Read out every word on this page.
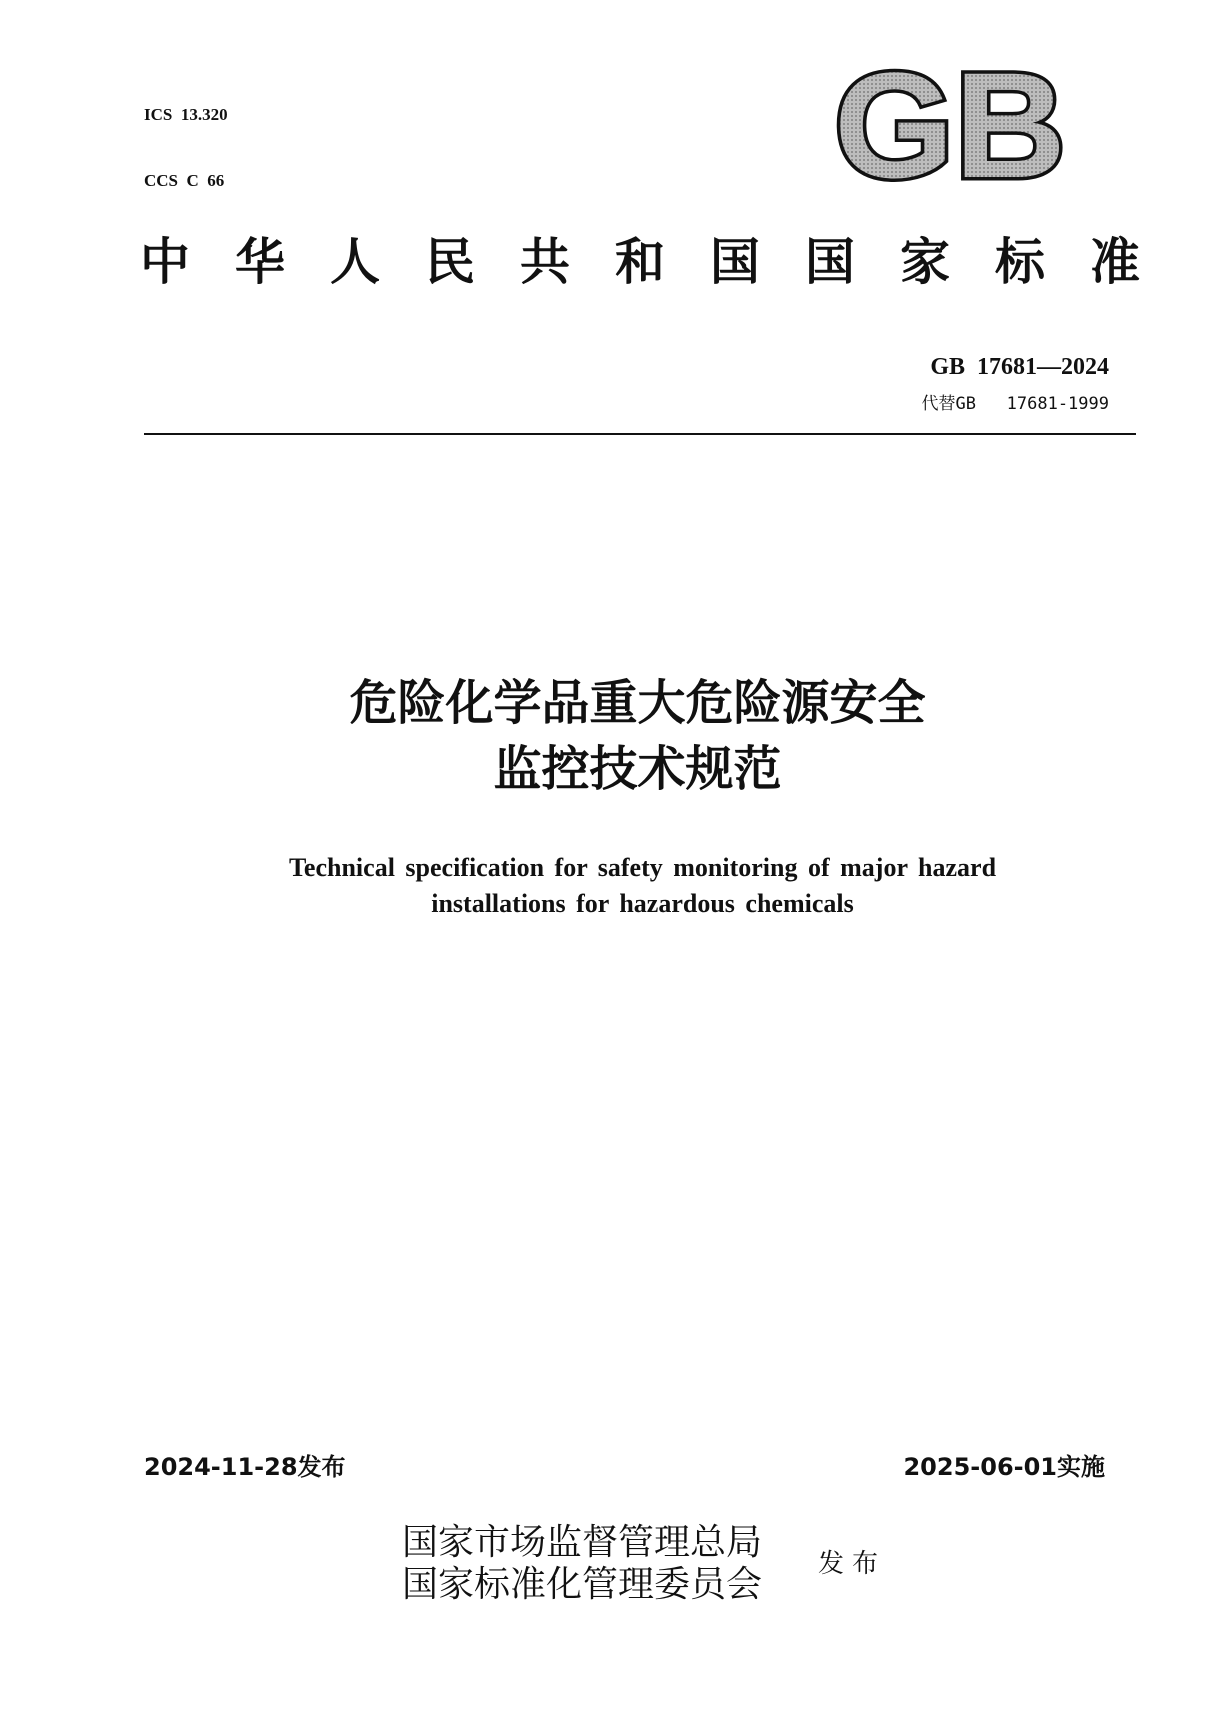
ICS  13.320

CCS  C  66

	GB
中 华 人 民 共 和 国 国 家 标 准
GB  17681—2024
代替GB   17681-1999
危险化学品重大危险源安全
监控技术规范
Technical specification for safety monitoring of major hazard
installations for hazardous chemicals
2024-11-28发布	2025-06-01实施
国家市场监督管理总局
国家标准化管理委员会 发布
